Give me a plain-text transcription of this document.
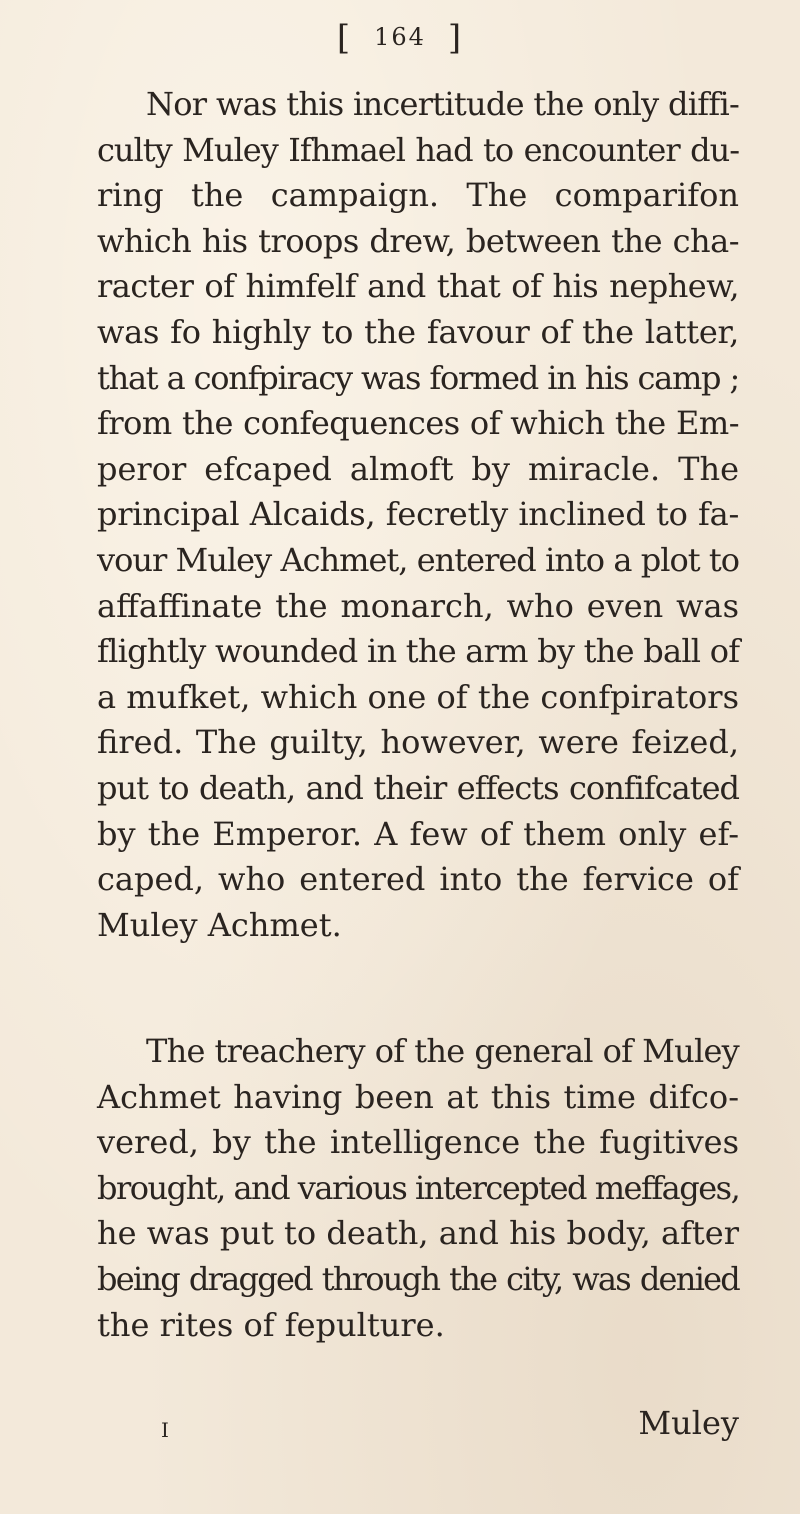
[ 164 ]
Nor was this incertitude the only diffi-
culty Muley Ifhmael had to encounter du-
ring the campaign. The comparifon
which his troops drew, between the cha-
racter of himfelf and that of his nephew,
was fo highly to the favour of the latter,
that a confpiracy was formed in his camp ;
from the confequences of which the Em-
peror efcaped almoft by miracle. The
principal Alcaids, fecretly inclined to fa-
vour Muley Achmet, entered into a plot to
affaffinate the monarch, who even was
flightly wounded in the arm by the ball of
a mufket, which one of the confpirators
fired. The guilty, however, were feized,
put to death, and their effects confifcated
by the Emperor. A few of them only ef-
caped, who entered into the fervice of
Muley Achmet.
The treachery of the general of Muley
Achmet having been at this time difco-
vered, by the intelligence the fugitives
brought, and various intercepted meffages,
he was put to death, and his body, after
being dragged through the city, was denied
the rites of fepulture.
I	Muley
